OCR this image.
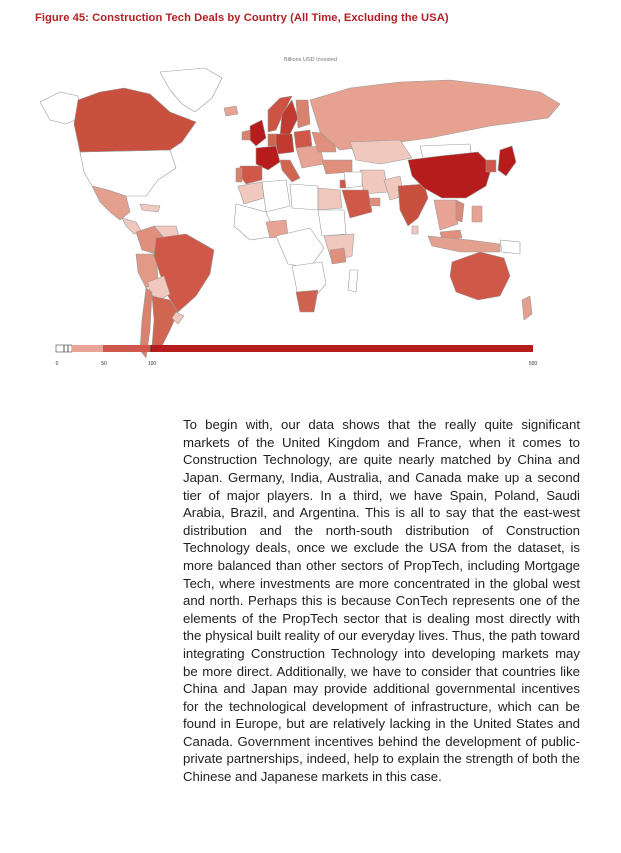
Figure 45: Construction Tech Deals by Country (All Time, Excluding the USA)
Billions USD Invested
0	50	100	500

To begin with, our data shows that the really quite significant markets of the United Kingdom and France, when it comes to Construction Technology, are quite nearly matched by China and Japan. Germany, India, Australia, and Canada make up a second tier of major players. In a third, we have Spain, Poland, Saudi Arabia, Brazil, and Argentina. This is all to say that the east-west distribution and the north-south distribution of Construction Technology deals, once we exclude the USA from the dataset, is more balanced than other sectors of PropTech, including Mortgage Tech, where investments are more concentrated in the global west and north. Perhaps this is because ConTech represents one of the elements of the PropTech sector that is dealing most directly with the physical built reality of our everyday lives. Thus, the path toward integrating Construction Technology into developing markets may be more direct. Additionally, we have to consider that countries like China and Japan may provide additional governmental incentives for the technological development of infrastructure, which can be found in Europe, but are relatively lacking in the United States and Canada. Government incentives behind the development of public-private partnerships, indeed, help to explain the strength of both the Chinese and Japanese markets in this case.
